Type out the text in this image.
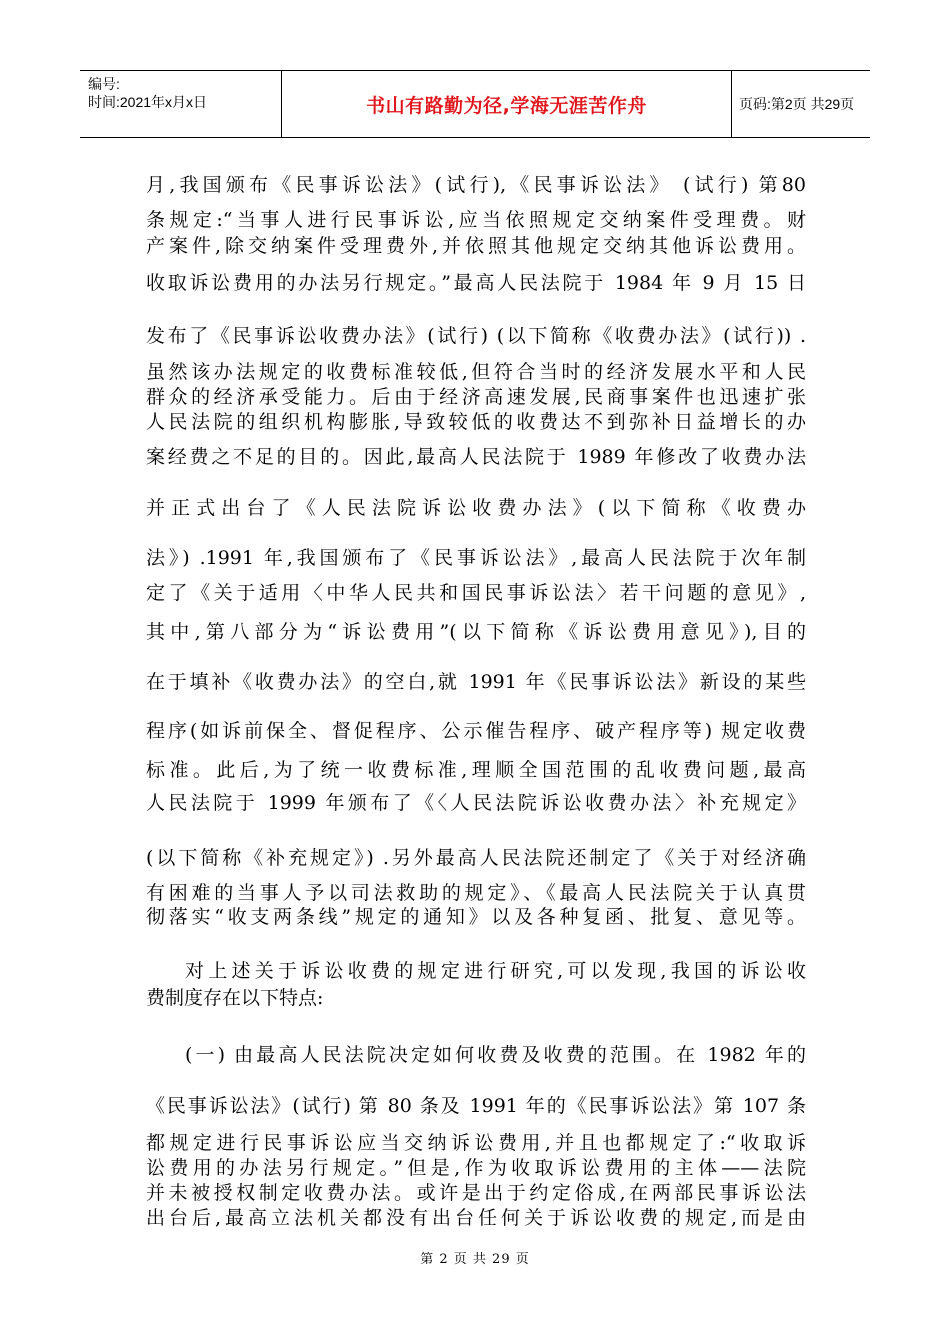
编号:
时间:2021年x月x日	书山有路勤为径,学海无涯苦作舟	页码:第2页 共29页
月,我国颁布《民事诉讼法》(试行),《民事诉讼法》 (试行) 第80
条规定:“当事人进行民事诉讼,应当依照规定交纳案件受理费。财
产案件,除交纳案件受理费外,并依照其他规定交纳其他诉讼费用。
收取诉讼费用的办法另行规定。”最高人民法院于 1984 年 9 月 15 日
发布了《民事诉讼收费办法》(试行) (以下简称《收费办法》(试行)) .
虽然该办法规定的收费标准较低,但符合当时的经济发展水平和人民
群众的经济承受能力。后由于经济高速发展,民商事案件也迅速扩张
人民法院的组织机构膨胀,导致较低的收费达不到弥补日益增长的办
案经费之不足的目的。因此,最高人民法院于 1989 年修改了收费办法
并正式出台了《人民法院诉讼收费办法》(以下简称《收费办
法》) .1991 年,我国颁布了《民事诉讼法》,最高人民法院于次年制
定了《关于适用〈中华人民共和国民事诉讼法〉若干问题的意见》,
其中,第八部分为“诉讼费用”(以下简称《诉讼费用意见》),目的
在于填补《收费办法》的空白,就 1991 年《民事诉讼法》新设的某些
程序(如诉前保全、督促程序、公示催告程序、破产程序等) 规定收费
标准。此后,为了统一收费标准,理顺全国范围的乱收费问题,最高
人民法院于 1999 年颁布了《〈人民法院诉讼收费办法〉补充规定》
(以下简称《补充规定》) .另外最高人民法院还制定了《关于对经济确
有困难的当事人予以司法救助的规定》、《最高人民法院关于认真贯
彻落实“收支两条线”规定的通知》以及各种复函、批复、意见等。
对上述关于诉讼收费的规定进行研究,可以发现,我国的诉讼收
费制度存在以下特点:
(一) 由最高人民法院决定如何收费及收费的范围。在 1982 年的
《民事诉讼法》(试行) 第 80 条及 1991 年的《民事诉讼法》第 107 条
都规定进行民事诉讼应当交纳诉讼费用,并且也都规定了:“收取诉
讼费用的办法另行规定。”但是,作为收取诉讼费用的主体——法院
并未被授权制定收费办法。或许是出于约定俗成,在两部民事诉讼法
出台后,最高立法机关都没有出台任何关于诉讼收费的规定,而是由
第 2 页 共 29 页
